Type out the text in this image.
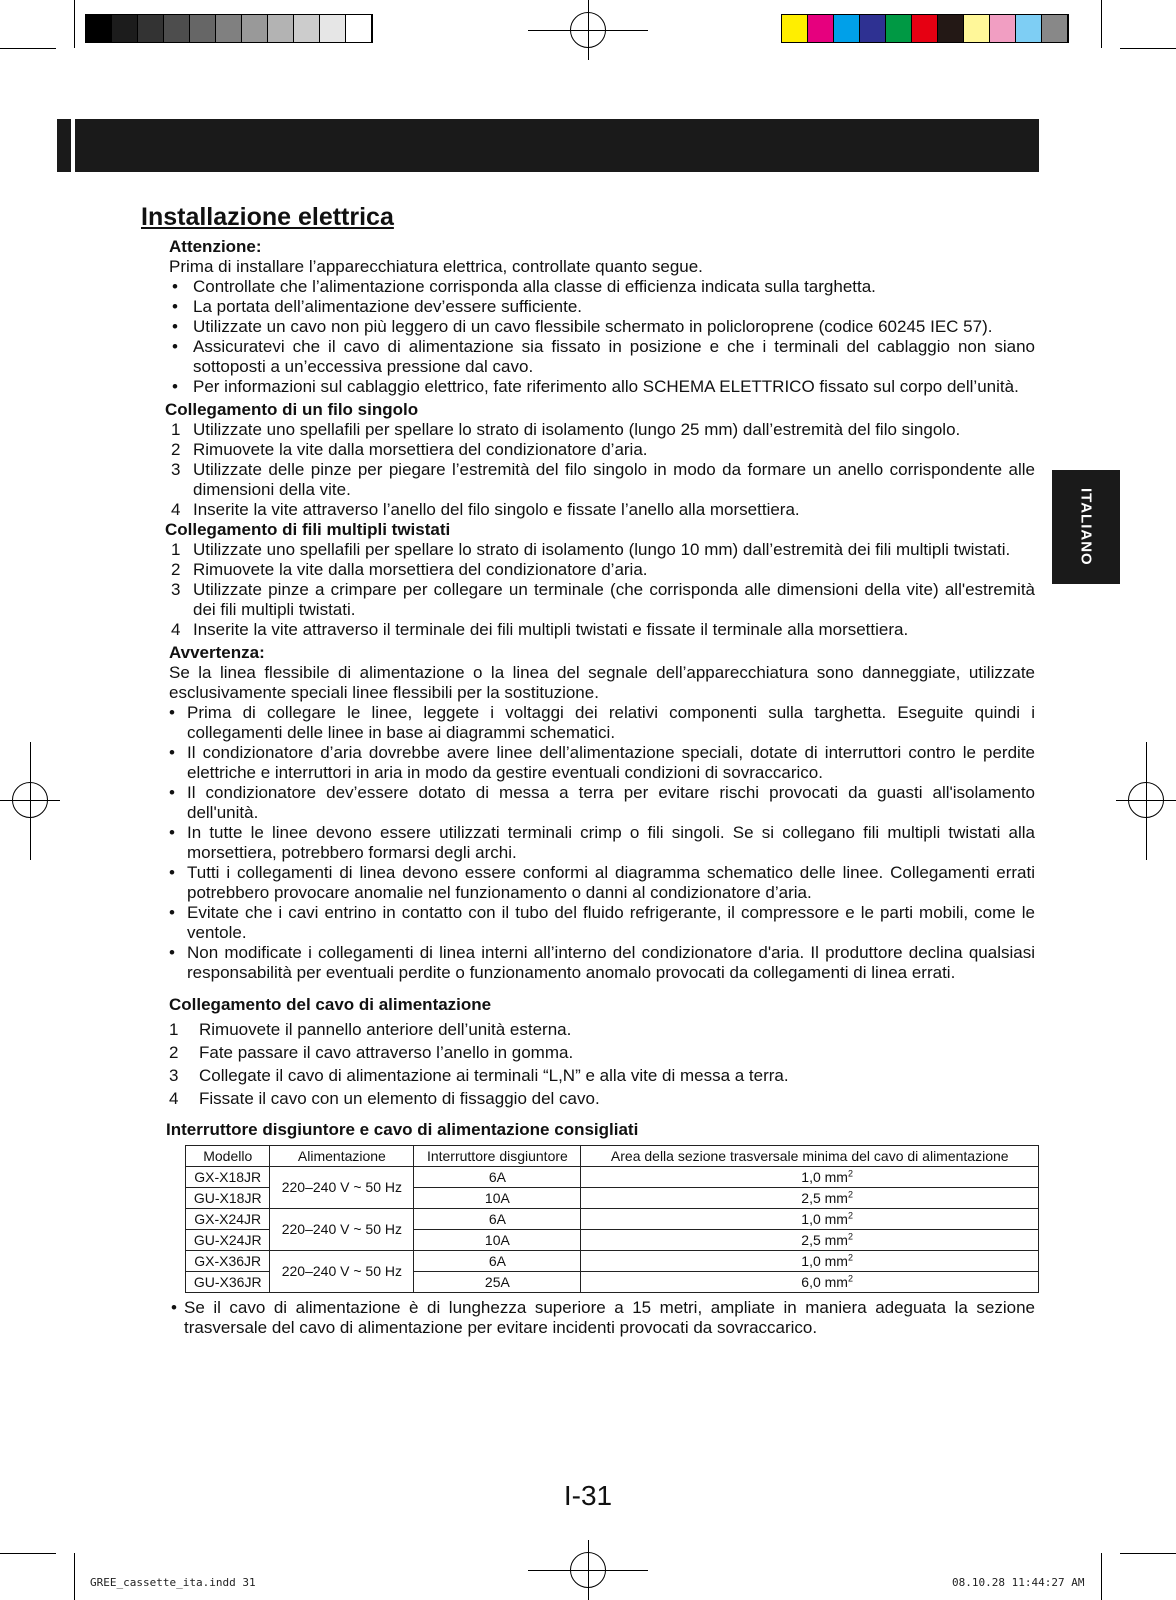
ITALIANO
Installazione elettrica
Attenzione:
Prima di installare l’apparecchiatura elettrica, controllate quanto segue.
• Controllate che l’alimentazione corrisponda alla classe di efficienza indicata sulla targhetta.
• La portata dell’alimentazione dev’essere sufficiente.
• Utilizzate un cavo non più leggero di un cavo flessibile schermato in policloroprene (codice 60245 IEC 57).
• Assicuratevi che il cavo di alimentazione sia fissato in posizione e che i terminali del cablaggio non siano sottoposti a un’eccessiva pressione dal cavo.
• Per informazioni sul cablaggio elettrico, fate riferimento allo SCHEMA ELETTRICO fissato sul corpo dell’unità.
Collegamento di un filo singolo
1 Utilizzate uno spellafili per spellare lo strato di isolamento (lungo 25 mm) dall’estremità del filo singolo.
2 Rimuovete la vite dalla morsettiera del condizionatore d’aria.
3 Utilizzate delle pinze per piegare l’estremità del filo singolo in modo da formare un anello corrispondente alle dimensioni della vite.
4 Inserite la vite attraverso l’anello del filo singolo e fissate l’anello alla morsettiera.
Collegamento di fili multipli twistati
1 Utilizzate uno spellafili per spellare lo strato di isolamento (lungo 10 mm) dall’estremità dei fili multipli twistati.
2 Rimuovete la vite dalla morsettiera del condizionatore d’aria.
3 Utilizzate pinze a crimpare per collegare un terminale (che corrisponda alle dimensioni della vite) all'estremità dei fili multipli twistati.
4 Inserite la vite attraverso il terminale dei fili multipli twistati e fissate il terminale alla morsettiera.
Avvertenza:
Se la linea flessibile di alimentazione o la linea del segnale dell’apparecchiatura sono danneggiate, utilizzate esclusivamente speciali linee flessibili per la sostituzione.
• Prima di collegare le linee, leggete i voltaggi dei relativi componenti sulla targhetta. Eseguite quindi i collegamenti delle linee in base ai diagrammi schematici.
• Il condizionatore d’aria dovrebbe avere linee dell’alimentazione speciali, dotate di interruttori contro le perdite elettriche e interruttori in aria in modo da gestire eventuali condizioni di sovraccarico.
• Il condizionatore dev’essere dotato di messa a terra per evitare rischi provocati da guasti all'isolamento dell'unità.
• In tutte le linee devono essere utilizzati terminali crimp o fili singoli. Se si collegano fili multipli twistati alla morsettiera, potrebbero formarsi degli archi.
• Tutti i collegamenti di linea devono essere conformi al diagramma schematico delle linee. Collegamenti errati potrebbero provocare anomalie nel funzionamento o danni al condizionatore d’aria.
• Evitate che i cavi entrino in contatto con il tubo del fluido refrigerante, il compressore e le parti mobili, come le ventole.
• Non modificate i collegamenti di linea interni all’interno del condizionatore d'aria. Il produttore declina qualsiasi responsabilità per eventuali perdite o funzionamento anomalo provocati da collegamenti di linea errati.
Collegamento del cavo di alimentazione
1 Rimuovete il pannello anteriore dell’unità esterna.
2 Fate passare il cavo attraverso l’anello in gomma.
3 Collegate il cavo di alimentazione ai terminali “L,N” e alla vite di messa a terra.
4 Fissate il cavo con un elemento di fissaggio del cavo.
Interruttore disgiuntore e cavo di alimentazione consigliati
Modello	Alimentazione	Interruttore disgiuntore	Area della sezione trasversale minima del cavo di alimentazione
GX-X18JR	220–240 V ~ 50 Hz	6A	1,0 $mm^2$
GU-X18JR		10A	2,5 $mm^2$
GX-X24JR	220–240 V ~ 50 Hz	6A	1,0 $mm^2$
GU-X24JR		10A	2,5 $mm^2$
GX-X36JR	220–240 V ~ 50 Hz	6A	1,0 $mm^2$
GU-X36JR		25A	6,0 $mm^2$
• Se il cavo di alimentazione è di lunghezza superiore a 15 metri, ampliate in maniera adeguata la sezione trasversale del cavo di alimentazione per evitare incidenti provocati da sovraccarico.
I-31
GREE_cassette_ita.indd 31	08.10.28 11:44:27 AM
